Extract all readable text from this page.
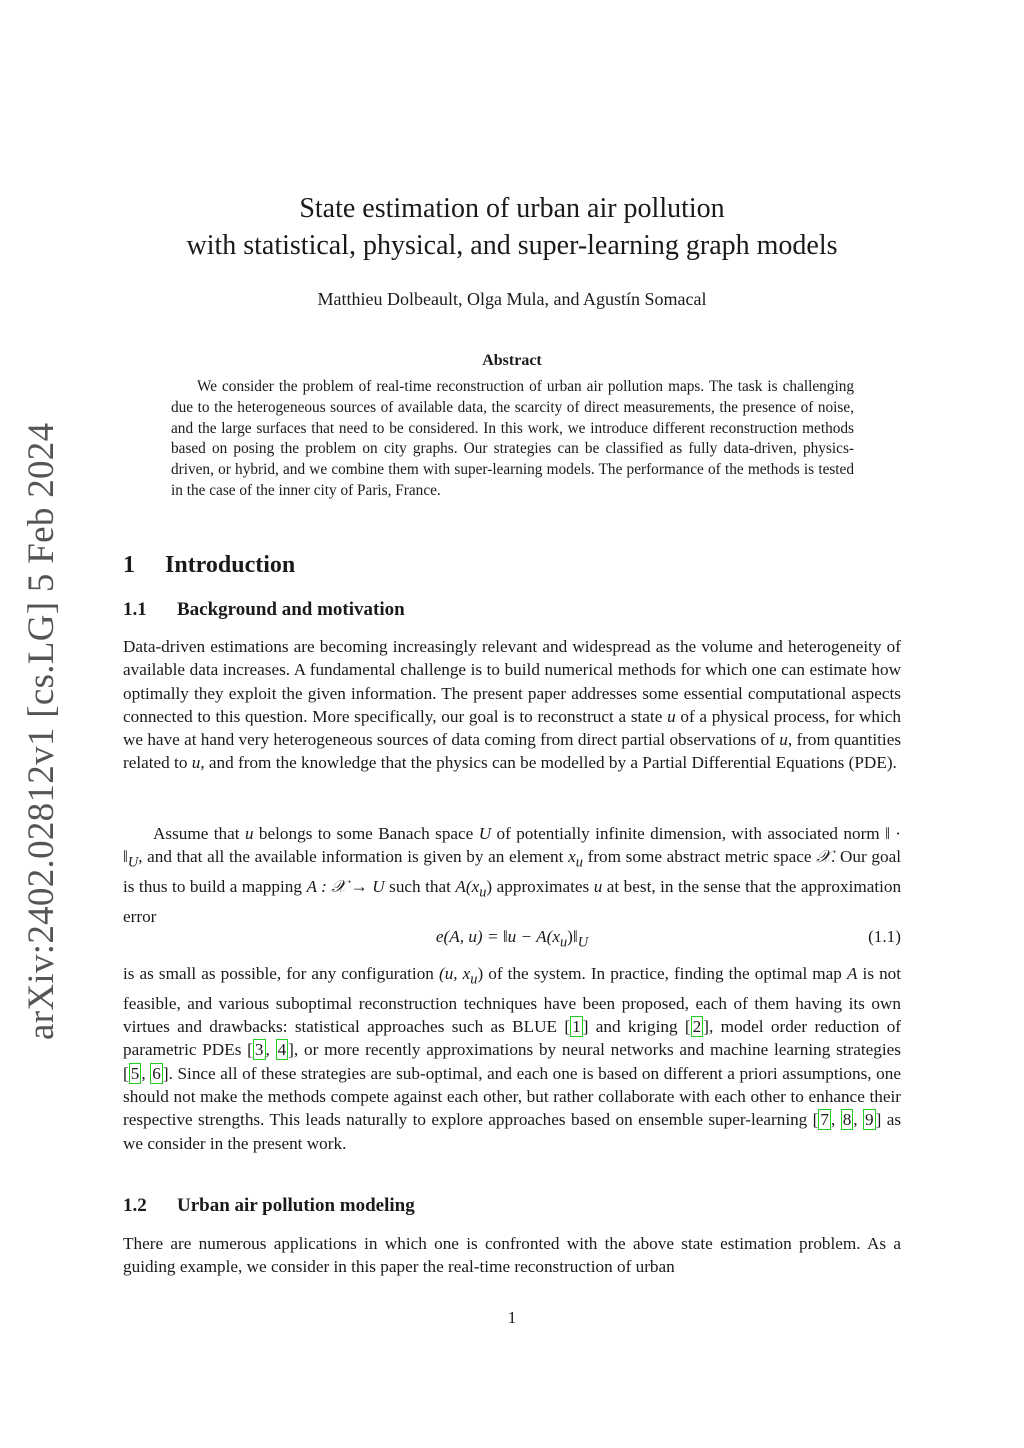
arXiv:2402.02812v1 [cs.LG] 5 Feb 2024
State estimation of urban air pollution
with statistical, physical, and super-learning graph models
Matthieu Dolbeault, Olga Mula, and Agustín Somacal
Abstract
We consider the problem of real-time reconstruction of urban air pollution maps. The task is challenging due to the heterogeneous sources of available data, the scarcity of direct measurements, the presence of noise, and the large surfaces that need to be considered. In this work, we introduce different reconstruction methods based on posing the problem on city graphs. Our strategies can be classified as fully data-driven, physics-driven, or hybrid, and we combine them with super-learning models. The performance of the methods is tested in the case of the inner city of Paris, France.
1 Introduction
1.1 Background and motivation
Data-driven estimations are becoming increasingly relevant and widespread as the volume and heterogeneity of available data increases. A fundamental challenge is to build numerical methods for which one can estimate how optimally they exploit the given information. The present paper addresses some essential computational aspects connected to this question. More specifically, our goal is to reconstruct a state u of a physical process, for which we have at hand very heterogeneous sources of data coming from direct partial observations of u, from quantities related to u, and from the knowledge that the physics can be modelled by a Partial Differential Equations (PDE).
Assume that u belongs to some Banach space U of potentially infinite dimension, with associated norm ‖ · $‖_U$, and that all the available information is given by an element $x_u$ from some abstract metric space 𝒳. Our goal is thus to build a mapping A : 𝒳 → U such that $A(x_u)$ approximates u at best, in the sense that the approximation error
e(A, u) = ‖u − $A(x_u)‖_U$	(1.1)
is as small as possible, for any configuration (u, $x_u$) of the system. In practice, finding the optimal map A is not feasible, and various suboptimal reconstruction techniques have been proposed, each of them having its own virtues and drawbacks: statistical approaches such as BLUE [ 1 ] and kriging [ 2 ], model order reduction of parametric PDEs [ 3 , 4 ], or more recently approximations by neural networks and machine learning strategies [ 5 , 6 ]. Since all of these strategies are sub-optimal, and each one is based on different a priori assumptions, one should not make the methods compete against each other, but rather collaborate with each other to enhance their respective strengths. This leads naturally to explore approaches based on ensemble super-learning [ 7 , 8 , 9 ] as we consider in the present work.
1.2 Urban air pollution modeling
There are numerous applications in which one is confronted with the above state estimation problem. As a guiding example, we consider in this paper the real-time reconstruction of urban
1
